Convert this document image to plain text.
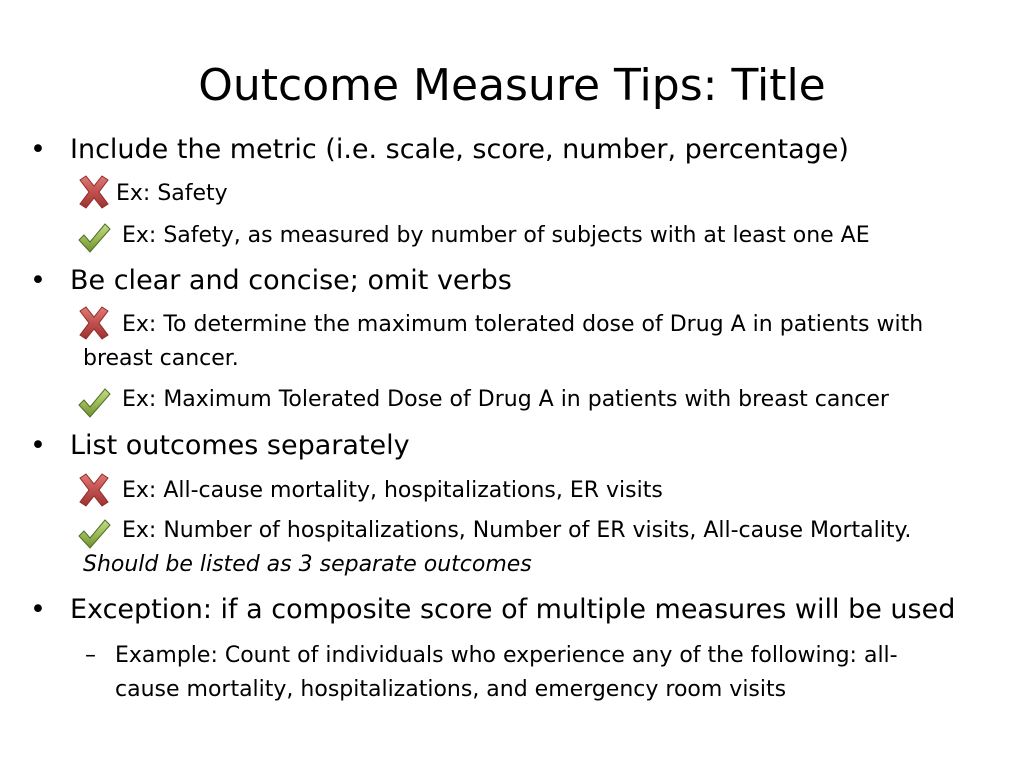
Outcome Measure Tips: Title
• Include the metric (i.e. scale, score, number, percentage)
Ex: Safety
Ex: Safety, as measured by number of subjects with at least one AE
• Be clear and concise; omit verbs
Ex: To determine the maximum tolerated dose of Drug A in patients with
breast cancer.
Ex: Maximum Tolerated Dose of Drug A in patients with breast cancer
• List outcomes separately
Ex: All-cause mortality, hospitalizations, ER visits
Ex: Number of hospitalizations, Number of ER visits, All-cause Mortality.
Should be listed as 3 separate outcomes
• Exception: if a composite score of multiple measures will be used
– Example: Count of individuals who experience any of the following: all-
cause mortality, hospitalizations, and emergency room visits
